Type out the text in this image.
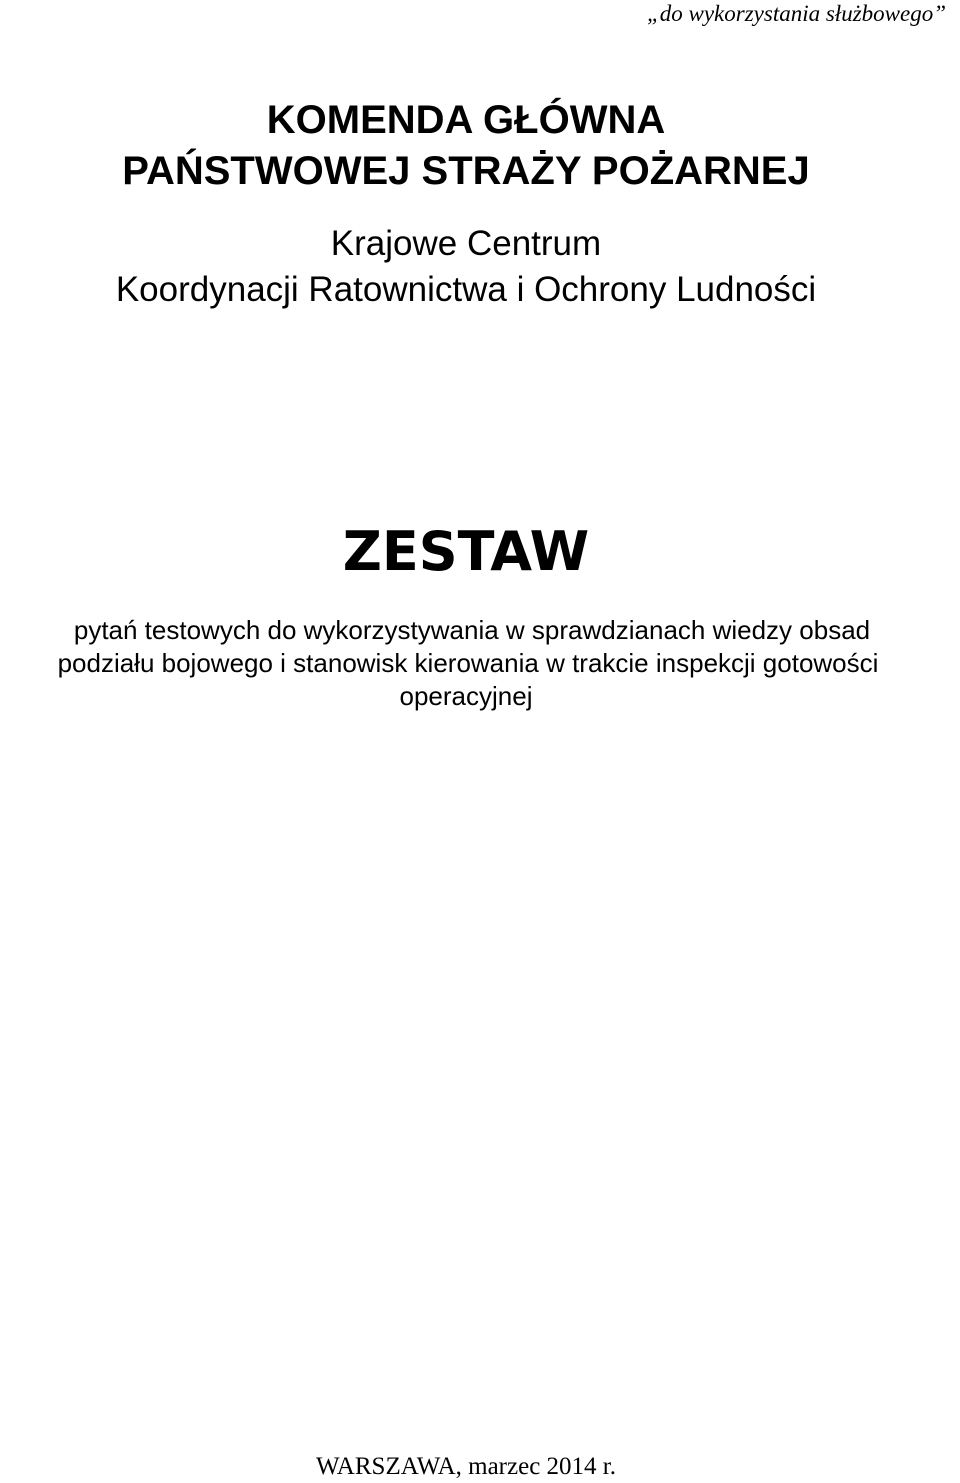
„do wykorzystania służbowego”

KOMENDA GŁÓWNA

PAŃSTWOWEJ STRAŻY POŻARNEJ

Krajowe Centrum

Koordynacji Ratownictwa i Ochrony Ludności

ZESTAW

pytań testowych do wykorzystywania w sprawdzianach wiedzy obsad

podziału bojowego i stanowisk kierowania w trakcie inspekcji gotowości

operacyjnej

WARSZAWA, marzec 2014 r.
